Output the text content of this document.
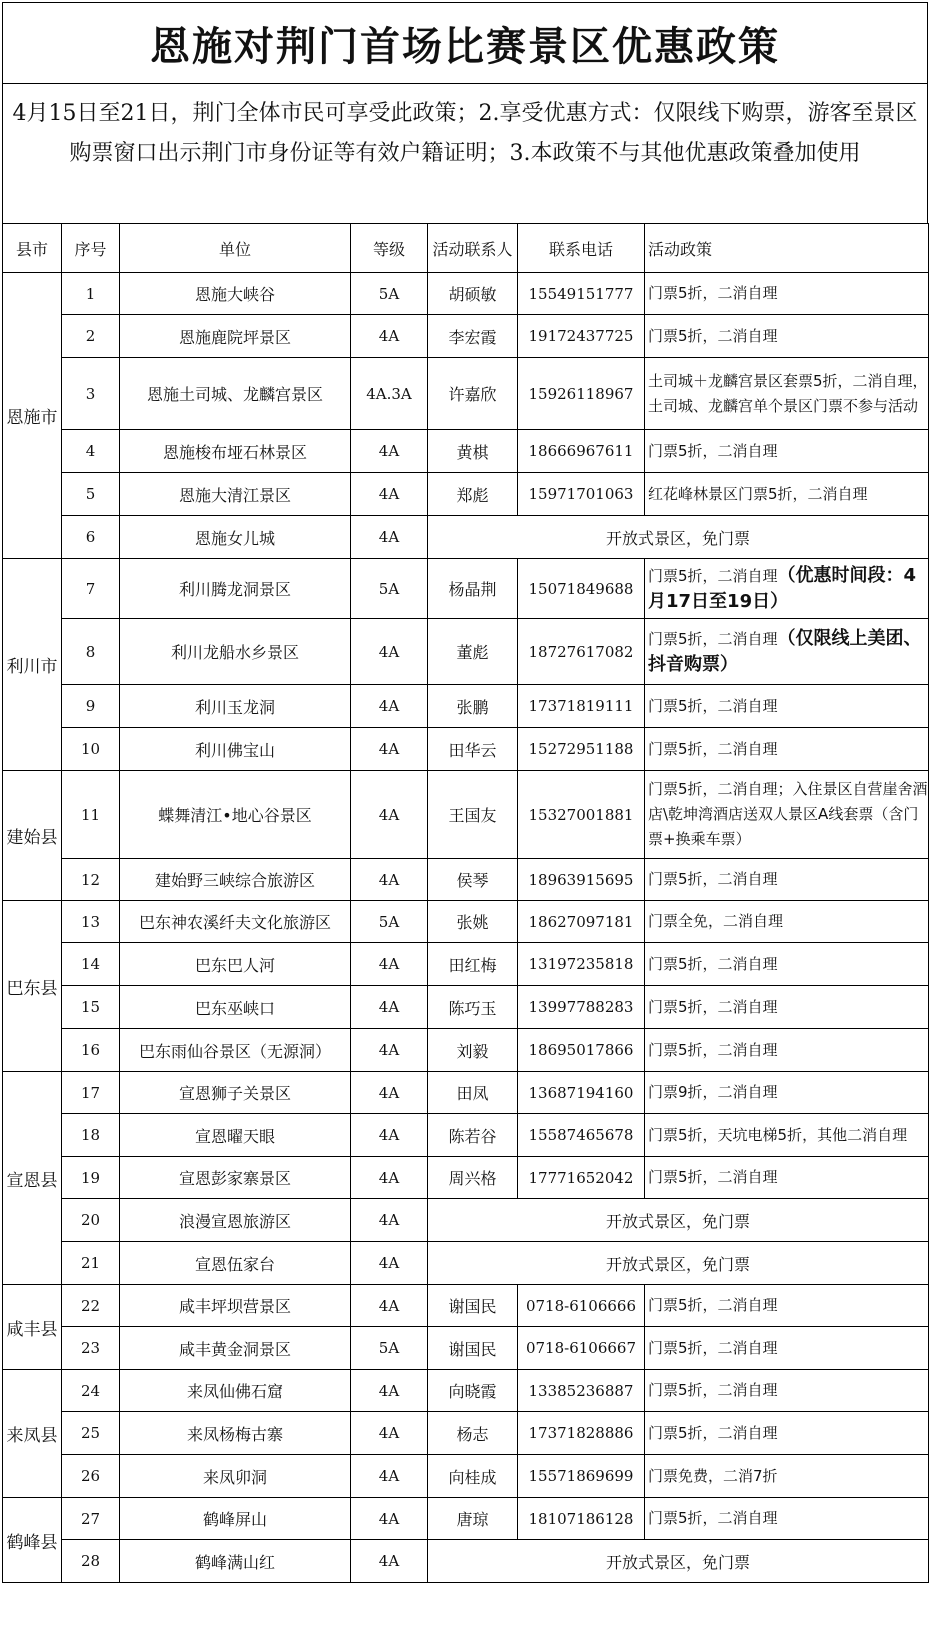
恩施对荆门首场比赛景区优惠政策
4月15日至21日，荆门全体市民可享受此政策；2.享受优惠方式：仅限线下购票，游客至景区购票窗口出示荆门市身份证等有效户籍证明；3.本政策不与其他优惠政策叠加使用
县市	序号	单位	等级	活动联系人	联系电话	活动政策
恩施市	1	恩施大峡谷	5A	胡硕敏	15549151777	门票5折，二消自理
	2	恩施鹿院坪景区	4A	李宏霞	19172437725	门票5折，二消自理
	3	恩施土司城、龙麟宫景区	4A.3A	许嘉欣	15926118967	土司城＋龙麟宫景区套票5折，二消自理，土司城、龙麟宫单个景区门票不参与活动
	4	恩施梭布垭石林景区	4A	黄棋	18666967611	门票5折，二消自理
	5	恩施大清江景区	4A	郑彪	15971701063	红花峰林景区门票5折，二消自理
	6	恩施女儿城	4A	开放式景区，免门票		
利川市	7	利川腾龙洞景区	5A	杨晶荆	15071849688	门票5折，二消自理（优惠时间段：4月17日至19日）
	8	利川龙船水乡景区	4A	董彪	18727617082	门票5折，二消自理（仅限线上美团、抖音购票）
	9	利川玉龙洞	4A	张鹏	17371819111	门票5折，二消自理
	10	利川佛宝山	4A	田华云	15272951188	门票5折，二消自理
建始县	11	蝶舞清江•地心谷景区	4A	王国友	15327001881	门票5折，二消自理；入住景区自营崖舍酒店\乾坤湾酒店送双人景区A线套票（含门票+换乘车票）
	12	建始野三峡综合旅游区	4A	侯琴	18963915695	门票5折，二消自理
巴东县	13	巴东神农溪纤夫文化旅游区	5A	张姚	18627097181	门票全免，二消自理
	14	巴东巴人河	4A	田红梅	13197235818	门票5折，二消自理
	15	巴东巫峡口	4A	陈巧玉	13997788283	门票5折，二消自理
	16	巴东雨仙谷景区（无源洞）	4A	刘毅	18695017866	门票5折，二消自理
宣恩县	17	宣恩狮子关景区	4A	田凤	13687194160	门票9折，二消自理
	18	宣恩曜天眼	4A	陈若谷	15587465678	门票5折，天坑电梯5折，其他二消自理
	19	宣恩彭家寨景区	4A	周兴格	17771652042	门票5折，二消自理
	20	浪漫宣恩旅游区	4A	开放式景区，免门票		
	21	宣恩伍家台	4A	开放式景区，免门票		
咸丰县	22	咸丰坪坝营景区	4A	谢国民	0718-6106666	门票5折，二消自理
	23	咸丰黄金洞景区	5A	谢国民	0718-6106667	门票5折，二消自理
来凤县	24	来凤仙佛石窟	4A	向晓霞	13385236887	门票5折，二消自理
	25	来凤杨梅古寨	4A	杨志	17371828886	门票5折，二消自理
	26	来凤卯洞	4A	向桂成	15571869699	门票免费，二消7折
鹤峰县	27	鹤峰屏山	4A	唐琼	18107186128	门票5折，二消自理
	28	鹤峰满山红	4A	开放式景区，免门票		
